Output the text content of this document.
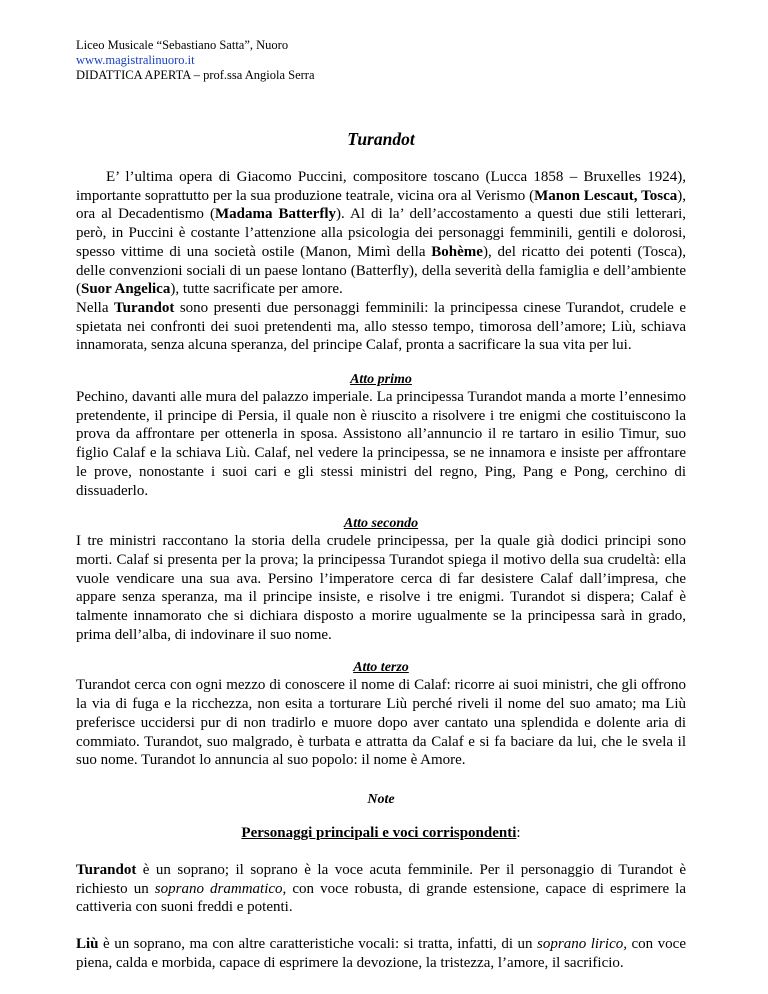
Liceo Musicale “Sebastiano Satta”, Nuoro
www.magistralinuoro.it
DIDATTICA APERTA – prof.ssa Angiola Serra
Turandot

E’ l’ultima opera di Giacomo Puccini, compositore toscano (Lucca 1858 – Bruxelles 1924), importante soprattutto per la sua produzione teatrale, vicina ora al Verismo (Manon Lescaut, Tosca), ora al Decadentismo (Madama Batterfly). Al di la’ dell’accostamento a questi due stili letterari, però, in Puccini è costante l’attenzione alla psicologia dei personaggi femminili, gentili e dolorosi, spesso vittime di una società ostile (Manon, Mimì della Bohème), del ricatto dei potenti (Tosca), delle convenzioni sociali di un paese lontano (Batterfly), della severità della famiglia e dell’ambiente (Suor Angelica), tutte sacrificate per amore.

Nella Turandot sono presenti due personaggi femminili: la principessa cinese Turandot, crudele e spietata nei confronti dei suoi pretendenti ma, allo stesso tempo, timorosa dell’amore; Liù, schiava innamorata, senza alcuna speranza, del principe Calaf, pronta a sacrificare la sua vita per lui.

Atto primo

Pechino, davanti alle mura del palazzo imperiale. La principessa Turandot manda a morte l’ennesimo pretendente, il principe di Persia, il quale non è riuscito a risolvere i tre enigmi che costituiscono la prova da affrontare per ottenerla in sposa. Assistono all’annuncio il re tartaro in esilio Timur, suo figlio Calaf e la schiava Liù. Calaf, nel vedere la principessa, se ne innamora e insiste per affrontare le prove, nonostante i suoi cari e gli stessi ministri del regno, Ping, Pang e Pong, cerchino di dissuaderlo.

Atto secondo

I tre ministri raccontano la storia della crudele principessa, per la quale già dodici principi sono morti. Calaf si presenta per la prova; la principessa Turandot spiega il motivo della sua crudeltà: ella vuole vendicare una sua ava. Persino l’imperatore cerca di far desistere Calaf dall’impresa, che appare senza speranza, ma il principe insiste, e risolve i tre enigmi. Turandot si dispera; Calaf è talmente innamorato che si dichiara disposto a morire ugualmente se la principessa sarà in grado, prima dell’alba, di indovinare il suo nome.

Atto terzo

Turandot cerca con ogni mezzo di conoscere il nome di Calaf: ricorre ai suoi ministri, che gli offrono la via di fuga e la ricchezza, non esita a torturare Liù perché riveli il nome del suo amato; ma Liù preferisce uccidersi pur di non tradirlo e muore dopo aver cantato una splendida e dolente aria di commiato. Turandot, suo malgrado, è turbata e attratta da Calaf e si fa baciare da lui, che le svela il suo nome. Turandot lo annuncia al suo popolo: il nome è Amore.

Note
Personaggi principali e voci corrispondenti:

Turandot è un soprano; il soprano è la voce acuta femminile. Per il personaggio di Turandot è richiesto un soprano drammatico, con voce robusta, di grande estensione, capace di esprimere la cattiveria con suoni freddi e potenti.

Liù è un soprano, ma con altre caratteristiche vocali: si tratta, infatti, di un soprano lirico, con voce piena, calda e morbida, capace di esprimere la devozione, la tristezza, l’amore, il sacrificio.
